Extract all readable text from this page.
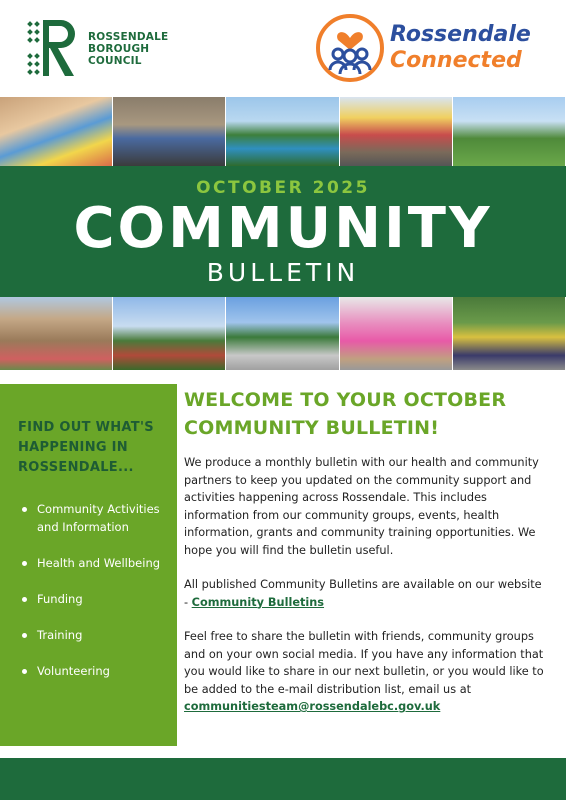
ROSSENDALE
BOROUGH
COUNCIL
Rossendale
Connected
OCTOBER 2025
COMMUNITY
BULLETIN
FIND OUT WHAT'S HAPPENING IN ROSSENDALE...
Community Activities and Information
Health and Wellbeing
Funding
Training
Volunteering
WELCOME TO YOUR OCTOBER COMMUNITY BULLETIN!

We produce a monthly bulletin with our health and community partners to keep you updated on the community support and activities happening across Rossendale. This includes information from our community groups, events, health information, grants and community training opportunities. We hope you will find the bulletin useful.

All published Community Bulletins are available on our website - Community Bulletins

Feel free to share the bulletin with friends, community groups and on your own social media. If you have any information that you would like to share in our next bulletin, or you would like to be added to the e-mail distribution list, email us at communitiesteam@rossendalebc.gov.uk
